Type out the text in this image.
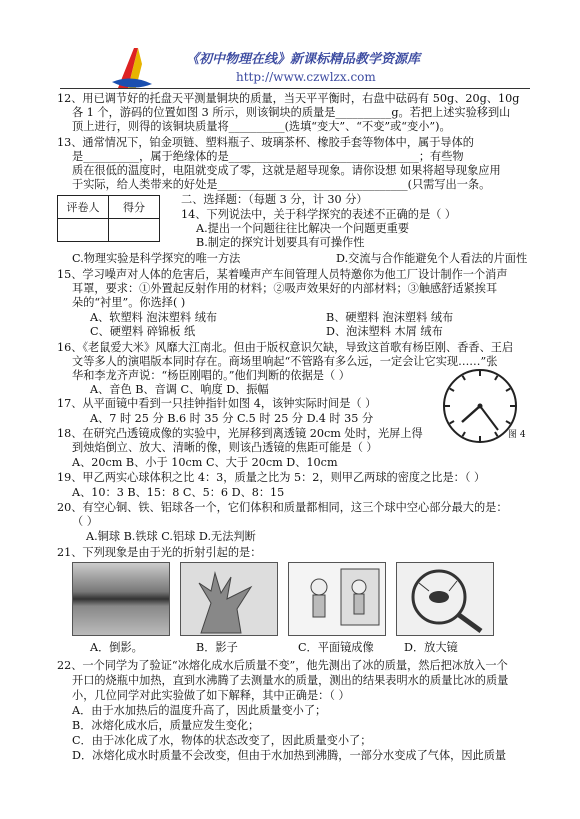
《初中物理在线》新课标精品教学资源库
http://www.czwlzx.com
12、用已调节好的托盘天平测量铜块的质量，当天平平衡时，右盘中砝码有 50g、20g、10g
各 1 个，游码的位置如图 3 所示，则该铜块的质量是__________g。若把上述实验移到山
顶上进行，则得的该铜块质量将__________(选填“变大”、“不变”或“变小”)。
13、通常情况下，铂金项链、塑料瓶子、玻璃茶杯、橡胶手套等物体中，属于导体的
是__________，属于绝缘体的是__________________________________；有些物
质在很低的温度时，电阻就变成了零，这就是超导现象。请你设想 如果将超导现象应用
于实际，给人类带来的好处是__________________________________(只需写出一条。
评卷人	得分

二、选择题：（每题 3 分，计 30 分）
14、下列说法中，关于科学探究的表述不正确的是（ ）
A.提出一个问题往往比解决一个问题更重要
B.制定的探究计划要具有可操作性
C.物理实验是科学探究的唯一方法	D.交流与合作能避免个人看法的片面性
15、学习噪声对人体的危害后，某着噪声产车间管理人员特邀你为他工厂设计制作一个消声
耳罩，要求：①外置起反射作用的材料；②吸声效果好的内部材料；③触感舒适紧挨耳
朵的“衬里”。你选择( )
A、软塑料 泡沫塑料 绒布	B、硬塑料 泡沫塑料 绒布
C、硬塑料 碎锦板 纸	D、泡沫塑料 木屑 绒布
16、《老鼠爱大米》风靡大江南北。但由于版权意识欠缺，导致这首歌有杨臣刚、香香、王启
文等多人的演唱版本同时存在。商场里响起“不管路有多么远，一定会让它实现……”张
华和李龙齐声说：“杨臣刚唱的。”他们判断的依据是（ ）
A、音色 B、音调 C、响度 D、振幅
图 4
17、从平面镜中看到一只挂钟指针如图 4，该钟实际时间是（ ）
A、7 时 25 分 B.6 时 35 分 C.5 时 25 分 D.4 时 35 分
18、在研究凸透镜成像的实验中，光屏移到离透镜 20cm 处时，光屏上得
到烛焰倒立、放大、清晰的像，则该凸透镜的焦距可能是（ ）
A、20cm B、小于 10cm C、大于 20cm D、10cm
19、甲乙两实心球体积之比 4：3，质量之比为 5：2，则甲乙两球的密度之比是：（ ）
A、10：3 B、15：8 C、5：6 D、8：15
20、有空心铜、铁、铝球各一个，它们体积和质量都相同，这三个球中空心部分最大的是：
（ ）
A.铜球 B.铁球 C.铝球 D.无法判断
21、下列现象是由于光的折射引起的是：
A．倒影。	B．影子	C．平面镜成像	D．放大镜
22、一个同学为了验证“冰熔化成水后质量不变”，他先测出了冰的质量，然后把冰放入一个
开口的烧瓶中加热，直到水沸腾了去测量水的质量，测出的结果表明水的质量比冰的质量
小，几位同学对此实验做了如下解释，其中正确是：（ ）
A．由于水加热后的温度升高了，因此质量变小了；
B．冰熔化成水后，质量应发生变化；
C．由于冰化成了水，物体的状态改变了，因此质量变小了；
D．冰熔化成水时质量不会改变，但由于水加热到沸腾，一部分水变成了气体，因此质量
